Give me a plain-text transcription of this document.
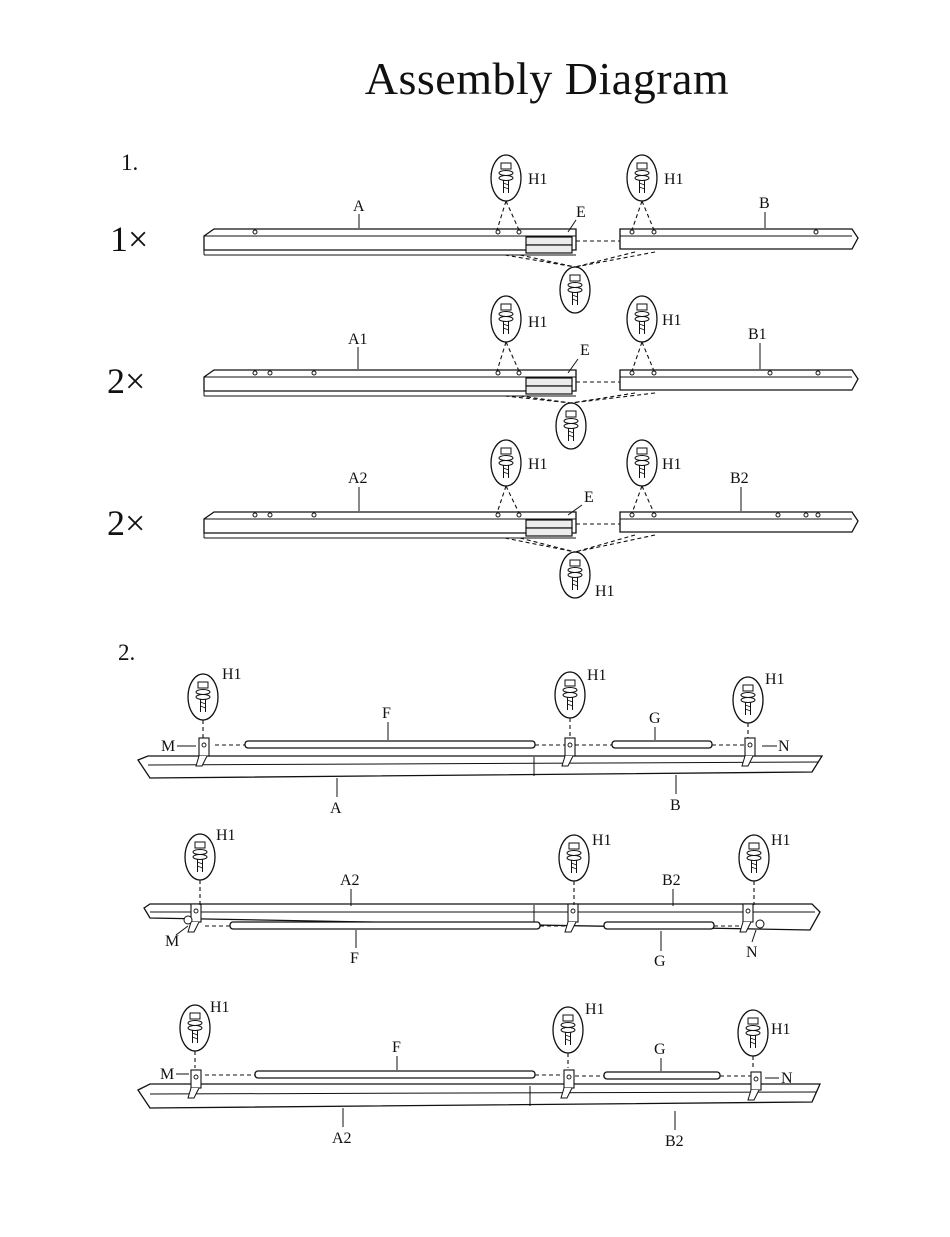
Assembly Diagram
1.
2.
1×
2×
2×
H1	H1
A	B
E
H1	H1
A1	B1
E
H1	H1
A2	B2
E
H1
H1	H1	H1
F	G
M	N
A	B
H1	H1	H1
A2	B2
F	G
M
N
H1	H1
H1
F	G
M	N
A2	B2
